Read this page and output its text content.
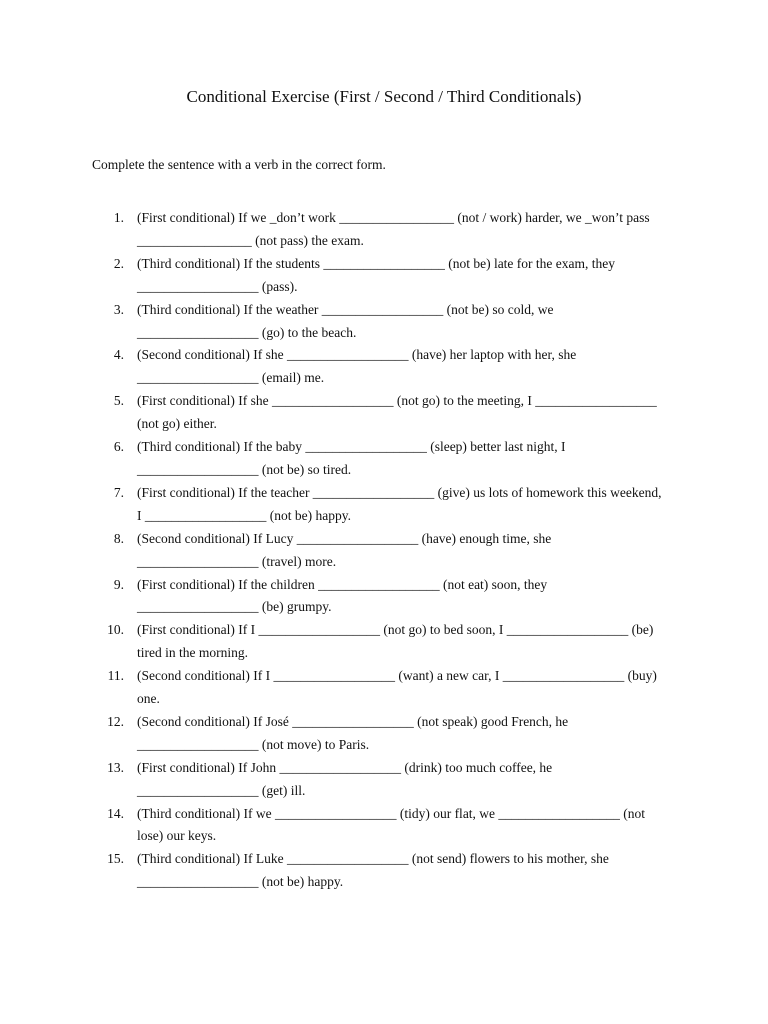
Conditional Exercise (First / Second / Third Conditionals)
Complete the sentence with a verb in the correct form.
1. (First conditional) If we _don’t work _________________ (not / work) harder, we _won’t pass _________________ (not pass) the exam.
2. (Third conditional) If the students __________________ (not be) late for the exam, they __________________ (pass).
3. (Third conditional) If the weather __________________ (not be) so cold, we __________________ (go) to the beach.
4. (Second conditional) If she __________________ (have) her laptop with her, she __________________ (email) me.
5. (First conditional) If she __________________ (not go) to the meeting, I __________________ (not go) either.
6. (Third conditional) If the baby __________________ (sleep) better last night, I __________________ (not be) so tired.
7. (First conditional) If the teacher __________________ (give) us lots of homework this weekend, I __________________ (not be) happy.
8. (Second conditional) If Lucy __________________ (have) enough time, she __________________ (travel) more.
9. (First conditional) If the children __________________ (not eat) soon, they __________________ (be) grumpy.
10. (First conditional) If I __________________ (not go) to bed soon, I __________________ (be) tired in the morning.
11. (Second conditional) If I __________________ (want) a new car, I __________________ (buy) one.
12. (Second conditional) If José __________________ (not speak) good French, he __________________ (not move) to Paris.
13. (First conditional) If John __________________ (drink) too much coffee, he __________________ (get) ill.
14. (Third conditional) If we __________________ (tidy) our flat, we __________________ (not lose) our keys.
15. (Third conditional) If Luke __________________ (not send) flowers to his mother, she __________________ (not be) happy.
